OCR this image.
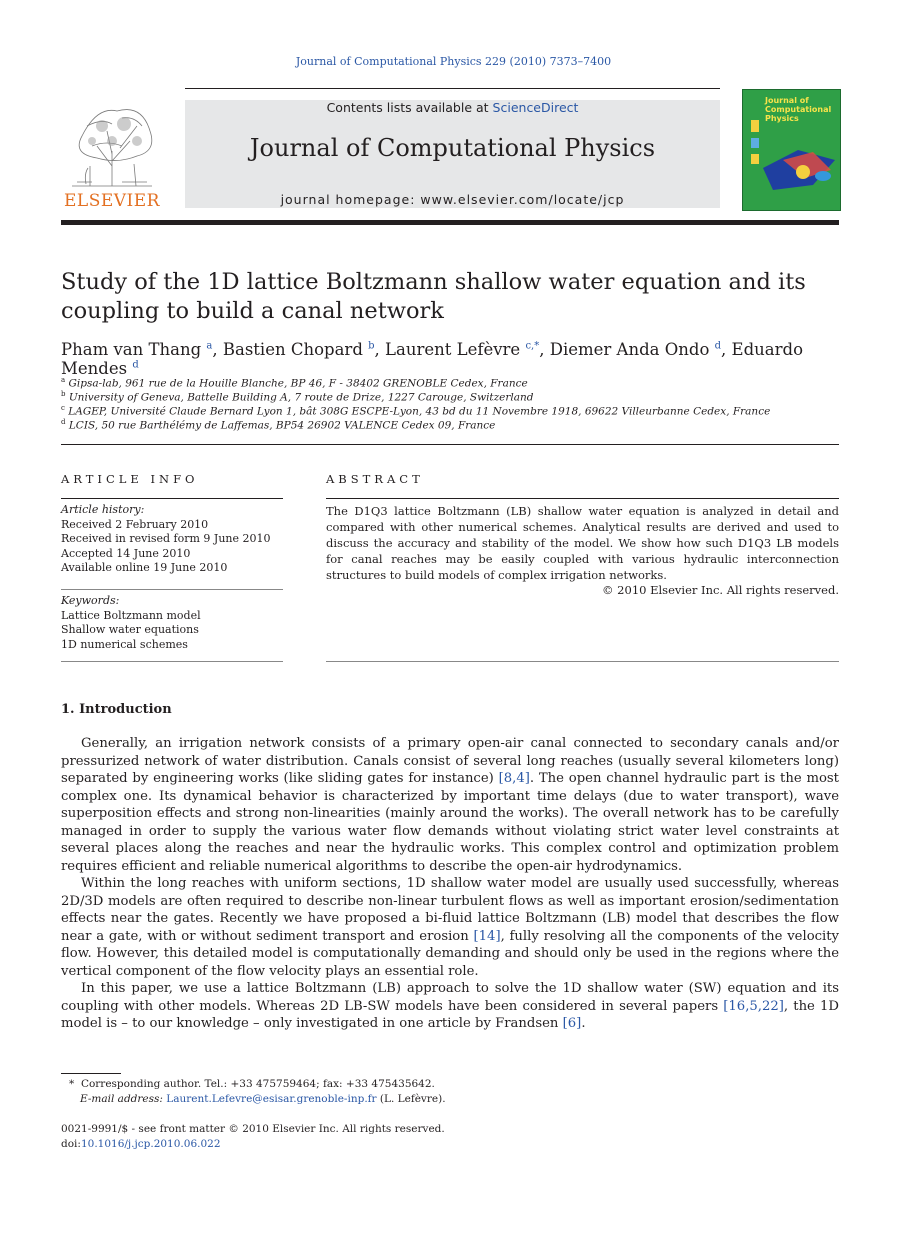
Journal of Computational Physics 229 (2010) 7373–7400
Contents lists available at ScienceDirect
Journal of Computational Physics
journal homepage: www.elsevier.com/locate/jcp
ELSEVIER
Journal of Computational Physics
Study of the 1D lattice Boltzmann shallow water equation and its
coupling to build a canal network
Pham van Thang $^a$, Bastien Chopard $^b$, Laurent Lefèvre $^{c,*}$, Diemer Anda Ondo $^d$, Eduardo Mendes $^d$
$^a$ Gipsa-lab, 961 rue de la Houille Blanche, BP 46, F - 38402 GRENOBLE Cedex, France
$^b$ University of Geneva, Battelle Building A, 7 route de Drize, 1227 Carouge, Switzerland
$^c$ LAGEP, Université Claude Bernard Lyon 1, bât 308G ESCPE-Lyon, 43 bd du 11 Novembre 1918, 69622 Villeurbanne Cedex, France
$^d$ LCIS, 50 rue Barthélémy de Laffemas, BP54 26902 VALENCE Cedex 09, France
ARTICLE INFO
Article history:
Received 2 February 2010
Received in revised form 9 June 2010
Accepted 14 June 2010
Available online 19 June 2010
Keywords:
Lattice Boltzmann model
Shallow water equations
1D numerical schemes
ABSTRACT
The D1Q3 lattice Boltzmann (LB) shallow water equation is analyzed in detail and compared with other numerical schemes. Analytical results are derived and used to discuss the accuracy and stability of the model. We show how such D1Q3 LB models for canal reaches may be easily coupled with various hydraulic interconnection structures to build models of complex irrigation networks.
© 2010 Elsevier Inc. All rights reserved.
1. Introduction

Generally, an irrigation network consists of a primary open-air canal connected to secondary canals and/or pressurized network of water distribution. Canals consist of several long reaches (usually several kilometers long) separated by engineering works (like sliding gates for instance) [8,4]. The open channel hydraulic part is the most complex one. Its dynamical behavior is characterized by important time delays (due to water transport), wave superposition effects and strong non-linearities (mainly around the works). The overall network has to be carefully managed in order to supply the various water flow demands without violating strict water level constraints at several places along the reaches and near the hydraulic works. This complex control and optimization problem requires efficient and reliable numerical algorithms to describe the open-air hydrodynamics.

Within the long reaches with uniform sections, 1D shallow water model are usually used successfully, whereas 2D/3D models are often required to describe non-linear turbulent flows as well as important erosion/sedimentation effects near the gates. Recently we have proposed a bi-fluid lattice Boltzmann (LB) model that describes the flow near a gate, with or without sediment transport and erosion [14], fully resolving all the components of the velocity flow. However, this detailed model is computationally demanding and should only be used in the regions where the vertical component of the flow velocity plays an essential role.

In this paper, we use a lattice Boltzmann (LB) approach to solve the 1D shallow water (SW) equation and its coupling with other models. Whereas 2D LB-SW models have been considered in several papers [16,5,22], the 1D model is – to our knowledge – only investigated in one article by Frandsen [6].

* Corresponding author. Tel.: +33 475759464; fax: +33 475435642.
E-mail address: Laurent.Lefevre@esisar.grenoble-inp.fr (L. Lefèvre).
0021-9991/$ - see front matter © 2010 Elsevier Inc. All rights reserved.
doi:10.1016/j.jcp.2010.06.022
